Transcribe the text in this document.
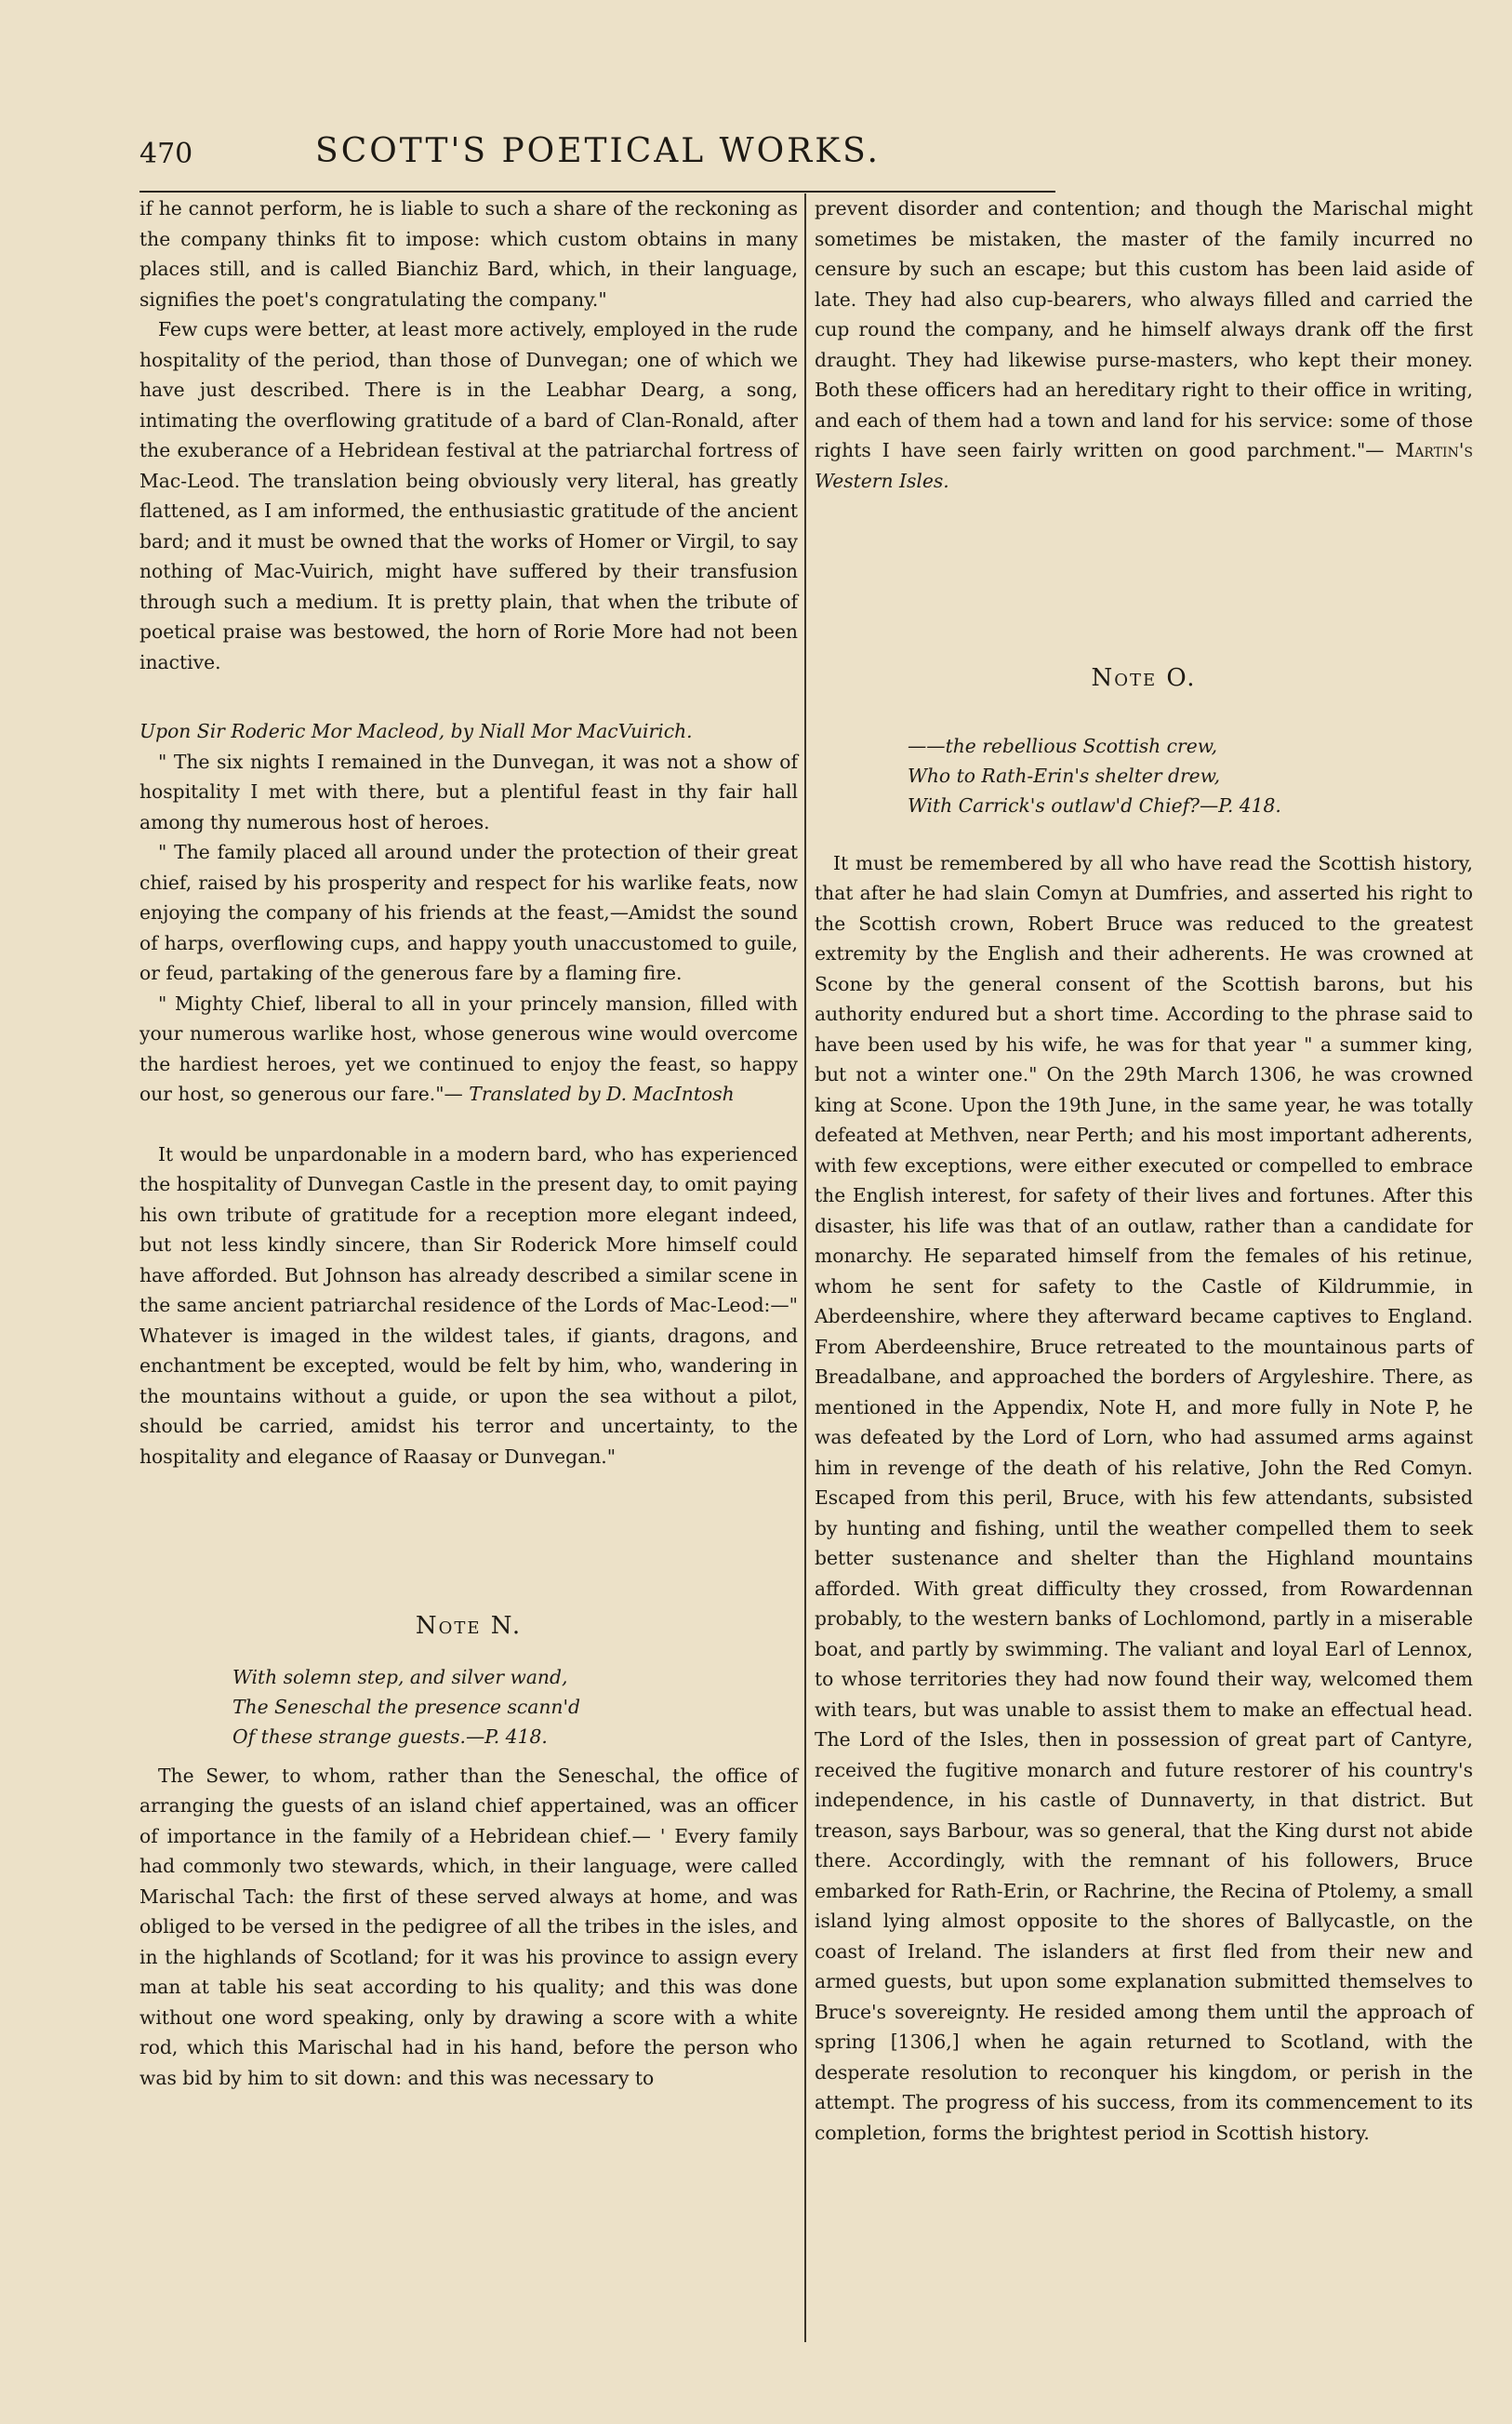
470	SCOTT'S POETICAL WORKS.

if he cannot perform, he is liable to such a share of the reckoning as the company thinks fit to impose: which custom obtains in many places still, and is called Bianchiz Bard, which, in their language, signifies the poet's congratulating the company."

Few cups were better, at least more actively, employed in the rude hospitality of the period, than those of Dunvegan; one of which we have just described. There is in the Leabhar Dearg, a song, intimating the overflowing gratitude of a bard of Clan-Ronald, after the exuberance of a Hebridean festival at the patriarchal fortress of Mac-Leod. The translation being obviously very literal, has greatly flattened, as I am informed, the enthusiastic gratitude of the ancient bard; and it must be owned that the works of Homer or Virgil, to say nothing of Mac-Vuirich, might have suffered by their transfusion through such a medium. It is pretty plain, that when the tribute of poetical praise was bestowed, the horn of Rorie More had not been inactive.

Upon Sir Roderic Mor Macleod, by Niall Mor MacVuirich.

" The six nights I remained in the Dunvegan, it was not a show of hospitality I met with there, but a plentiful feast in thy fair hall among thy numerous host of heroes.

" The family placed all around under the protection of their great chief, raised by his prosperity and respect for his warlike feats, now enjoying the company of his friends at the feast,—Amidst the sound of harps, overflowing cups, and happy youth unaccustomed to guile, or feud, partaking of the generous fare by a flaming fire.

" Mighty Chief, liberal to all in your princely mansion, filled with your numerous warlike host, whose generous wine would overcome the hardiest heroes, yet we continued to enjoy the feast, so happy our host, so generous our fare."— Translated by D. MacIntosh

It would be unpardonable in a modern bard, who has experienced the hospitality of Dunvegan Castle in the present day, to omit paying his own tribute of gratitude for a reception more elegant indeed, but not less kindly sincere, than Sir Roderick More himself could have afforded. But Johnson has already described a similar scene in the same ancient patriarchal residence of the Lords of Mac-Leod:—" Whatever is imaged in the wildest tales, if giants, dragons, and enchantment be excepted, would be felt by him, who, wandering in the mountains without a guide, or upon the sea without a pilot, should be carried, amidst his terror and uncertainty, to the hospitality and elegance of Raasay or Dunvegan."

Note N.
With solemn step, and silver wand,
The Seneschal the presence scann'd
Of these strange guests.—P. 418.

The Sewer, to whom, rather than the Seneschal, the office of arranging the guests of an island chief appertained, was an officer of importance in the family of a Hebridean chief.— ' Every family had commonly two stewards, which, in their language, were called Marischal Tach: the first of these served always at home, and was obliged to be versed in the pedigree of all the tribes in the isles, and in the highlands of Scotland; for it was his province to assign every man at table his seat according to his quality; and this was done without one word speaking, only by drawing a score with a white rod, which this Marischal had in his hand, before the person who was bid by him to sit down: and this was necessary to

prevent disorder and contention; and though the Marischal might sometimes be mistaken, the master of the family incurred no censure by such an escape; but this custom has been laid aside of late. They had also cup-bearers, who always filled and carried the cup round the company, and he himself always drank off the first draught. They had likewise purse-masters, who kept their money. Both these officers had an hereditary right to their office in writing, and each of them had a town and land for his service: some of those rights I have seen fairly written on good parchment."— Martin's Western Isles.

Note O.
——the rebellious Scottish crew,
Who to Rath-Erin's shelter drew,
With Carrick's outlaw'd Chief?—P. 418.

It must be remembered by all who have read the Scottish history, that after he had slain Comyn at Dumfries, and asserted his right to the Scottish crown, Robert Bruce was reduced to the greatest extremity by the English and their adherents. He was crowned at Scone by the general consent of the Scottish barons, but his authority endured but a short time. According to the phrase said to have been used by his wife, he was for that year " a summer king, but not a winter one." On the 29th March 1306, he was crowned king at Scone. Upon the 19th June, in the same year, he was totally defeated at Methven, near Perth; and his most important adherents, with few exceptions, were either executed or compelled to embrace the English interest, for safety of their lives and fortunes. After this disaster, his life was that of an outlaw, rather than a candidate for monarchy. He separated himself from the females of his retinue, whom he sent for safety to the Castle of Kildrummie, in Aberdeenshire, where they afterward became captives to England. From Aberdeenshire, Bruce retreated to the mountainous parts of Breadalbane, and approached the borders of Argyleshire. There, as mentioned in the Appendix, Note H, and more fully in Note P, he was defeated by the Lord of Lorn, who had assumed arms against him in revenge of the death of his relative, John the Red Comyn. Escaped from this peril, Bruce, with his few attendants, subsisted by hunting and fishing, until the weather compelled them to seek better sustenance and shelter than the Highland mountains afforded. With great difficulty they crossed, from Rowardennan probably, to the western banks of Lochlomond, partly in a miserable boat, and partly by swimming. The valiant and loyal Earl of Lennox, to whose territories they had now found their way, welcomed them with tears, but was unable to assist them to make an effectual head. The Lord of the Isles, then in possession of great part of Cantyre, received the fugitive monarch and future restorer of his country's independence, in his castle of Dunnaverty, in that district. But treason, says Barbour, was so general, that the King durst not abide there. Accordingly, with the remnant of his followers, Bruce embarked for Rath-Erin, or Rachrine, the Recina of Ptolemy, a small island lying almost opposite to the shores of Ballycastle, on the coast of Ireland. The islanders at first fled from their new and armed guests, but upon some explanation submitted themselves to Bruce's sovereignty. He resided among them until the approach of spring [1306,] when he again returned to Scotland, with the desperate resolution to reconquer his kingdom, or perish in the attempt. The progress of his success, from its commencement to its completion, forms the brightest period in Scottish history.
